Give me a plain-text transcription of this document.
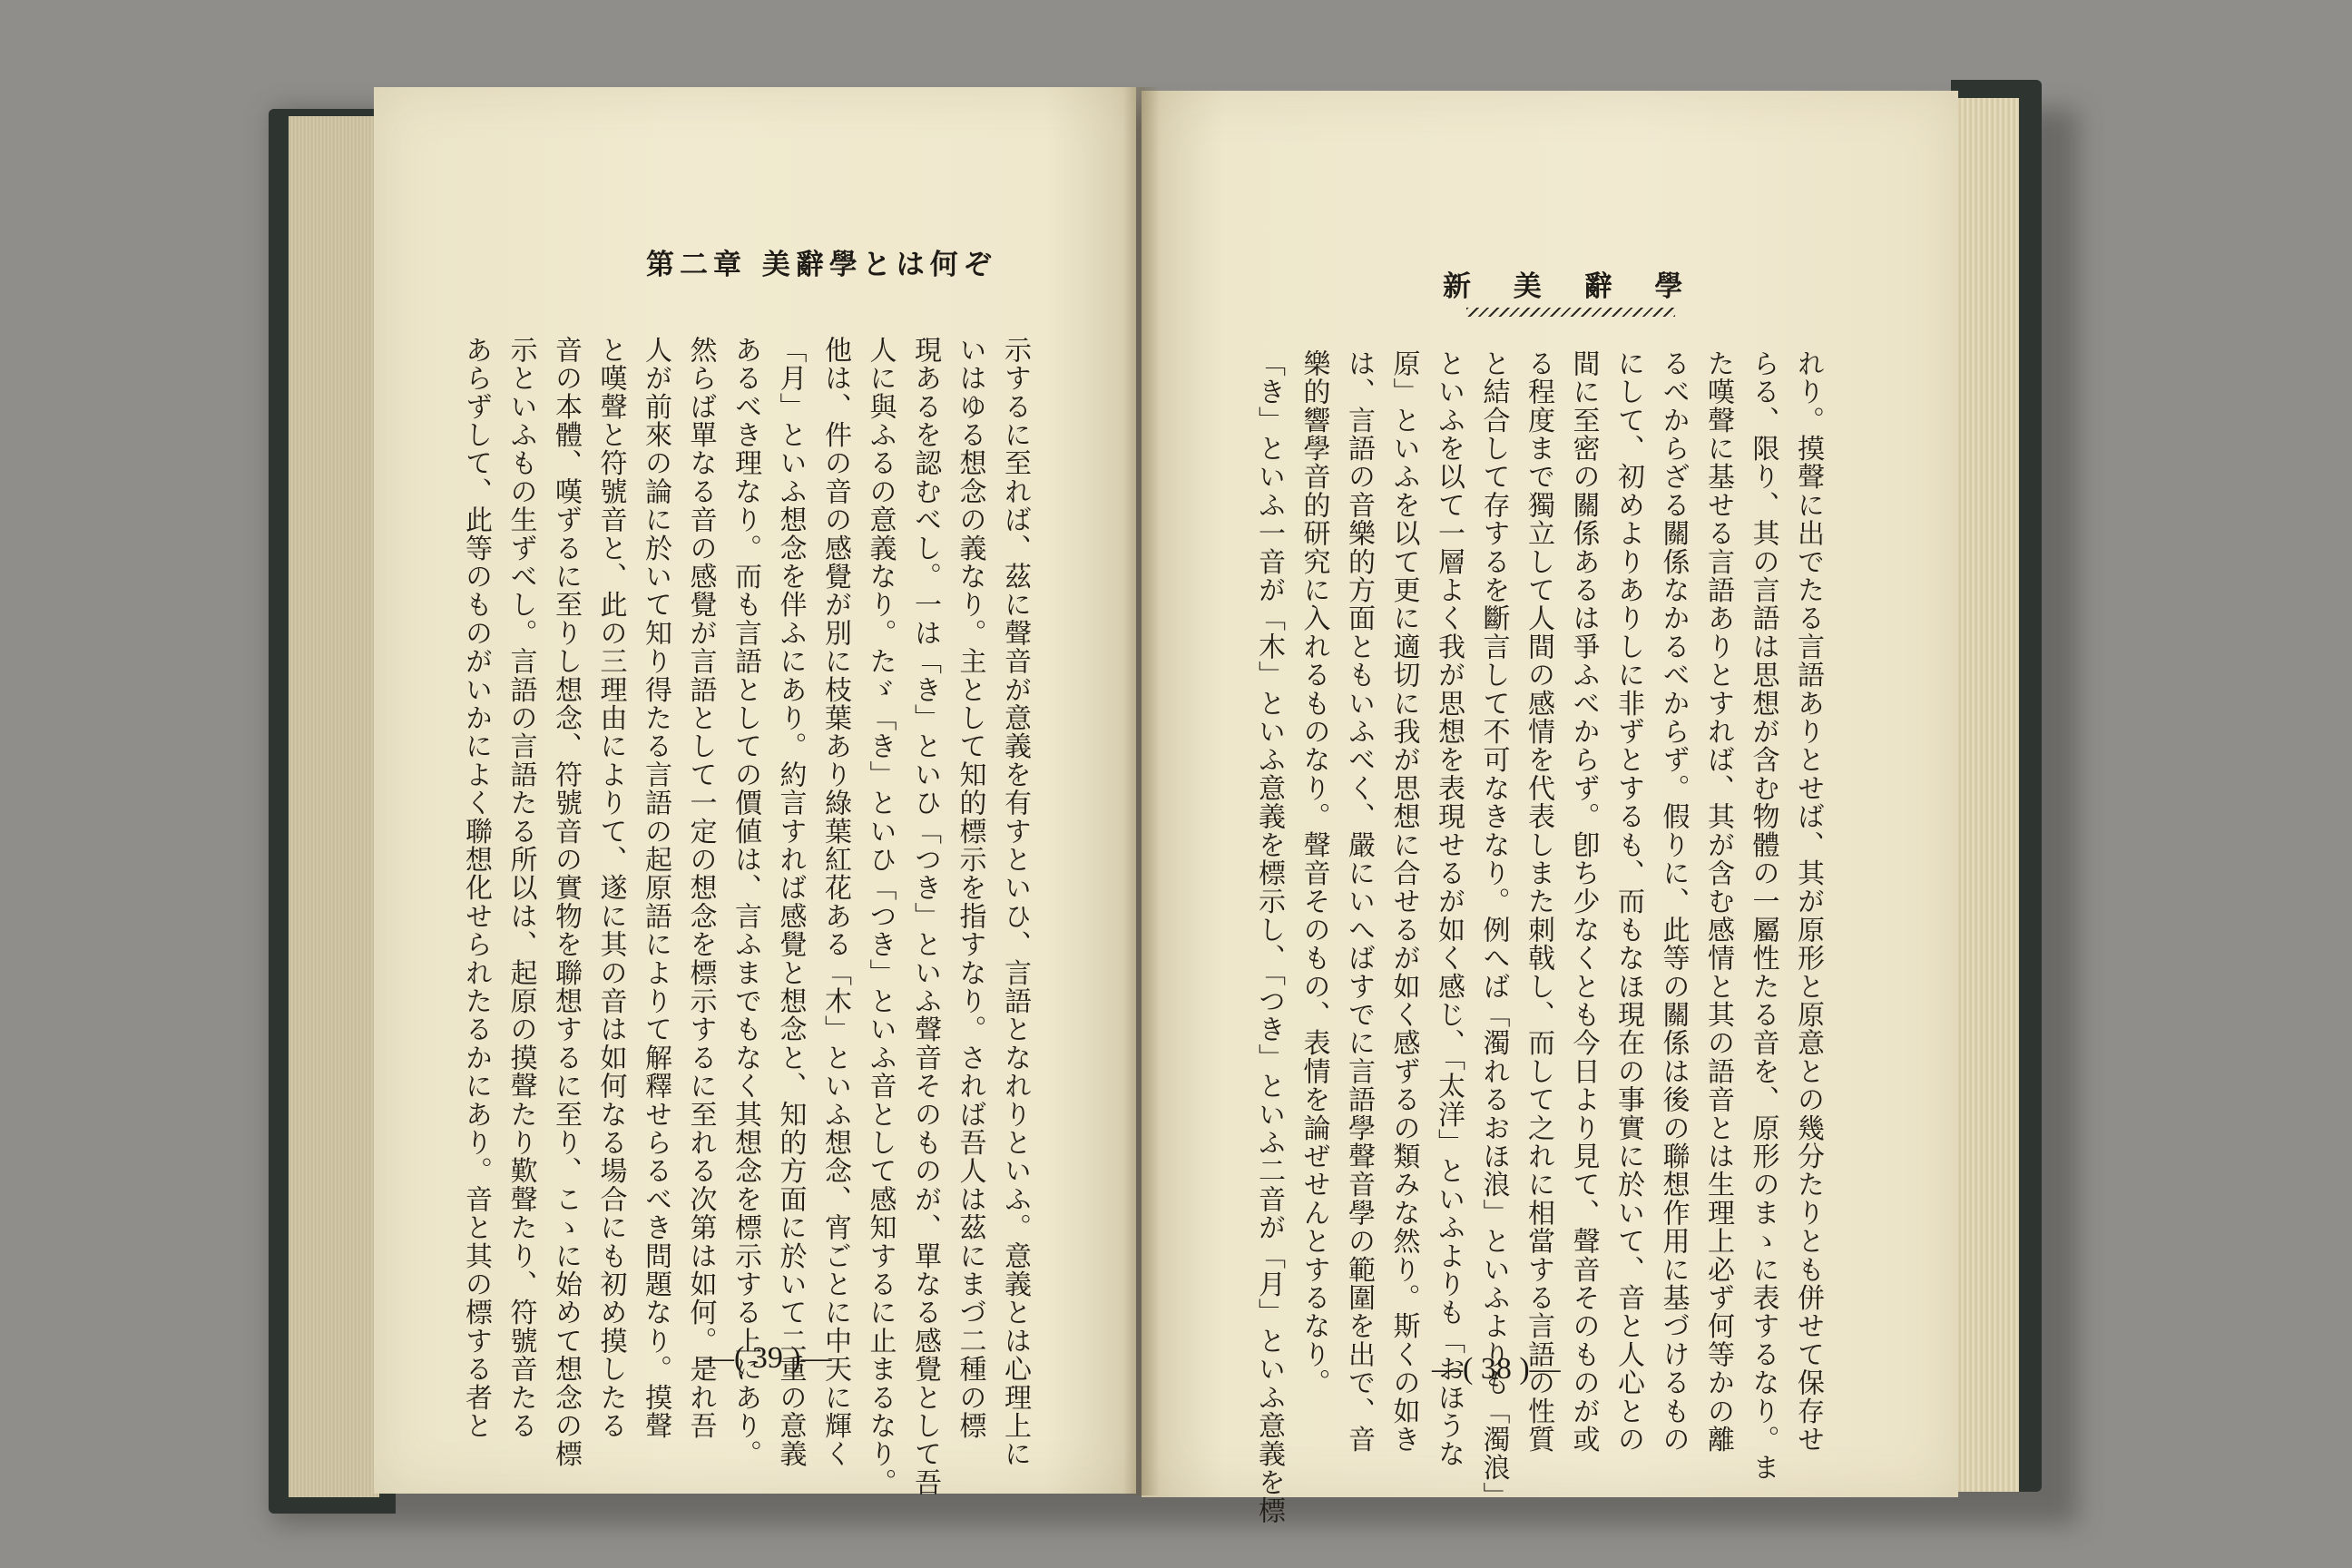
第二章 美辭學とは何ぞ
示するに至れば、茲に聲音が意義を有すといひ、言語となれりといふ。意義とは心理上に
いはゆる想念の義なり。主として知的標示を指すなり。されば吾人は茲にまづ二種の標
現あるを認むべし。一は「き」といひ「つき」といふ聲音そのものが、單なる感覺として吾
人に與ふるの意義なり。たゞ「き」といひ「つき」といふ音として感知するに止まるなり。
他は、件の音の感覺が別に枝葉あり綠葉紅花ある「木」といふ想念、宵ごとに中天に輝く
「月」といふ想念を伴ふにあり。約言すれば感覺と想念と、知的方面に於いて二重の意義
あるべき理なり。而も言語としての價値は、言ふまでもなく其想念を標示する上にあり。
然らば單なる音の感覺が言語として一定の想念を標示するに至れる次第は如何。是れ吾
人が前來の論に於いて知り得たる言語の起原語によりて解釋せらるべき問題なり。摸聲
と嘆聲と符號音と、此の三理由によりて、遂に其の音は如何なる場合にも初め摸したる
音の本體、嘆ずるに至りし想念、符號音の實物を聯想するに至り、こゝに始めて想念の標
示といふもの生ずべし。言語の言語たる所以は、起原の摸聲たり歎聲たり、符號音たる
あらずして、此等のものがいかによく聯想化せられたるかにあり。音と其の標する者と	—( 39 )—
新 美 辭 學
れり。摸聲に出でたる言語ありとせば、其が原形と原意との幾分たりとも併せて保存せ
らる、限り、其の言語は思想が含む物體の一屬性たる音を、原形のまゝに表するなり。ま
た嘆聲に基せる言語ありとすれば、其が含む感情と其の語音とは生理上必ず何等かの離
るべからざる關係なかるべからず。假りに、此等の關係は後の聯想作用に基づけるもの
にして、初めよりありしに非ずとするも、而もなほ現在の事實に於いて、音と人心との
間に至密の關係あるは爭ふべからず。卽ち少なくとも今日より見て、聲音そのものが或
る程度まで獨立して人間の感情を代表しまた刺戟し、而して之れに相當する言語の性質
と結合して存するを斷言して不可なきなり。例へば「濁れるおほ浪」といふよりも「濁浪」
といふを以て一層よく我が思想を表現せるが如く感じ、「太洋」といふよりも「おほうな
原」といふを以て更に適切に我が思想に合せるが如く感ずるの類みな然り。斯くの如き
は、言語の音樂的方面ともいふべく、嚴にいへばすでに言語學聲音學の範圍を出で、音
樂的響學音的研究に入れるものなり。聲音そのもの、表情を論ぜせんとするなり。
「き」といふ一音が「木」といふ意義を標示し、「つき」といふ二音が「月」といふ意義を標	—( 38 )—
